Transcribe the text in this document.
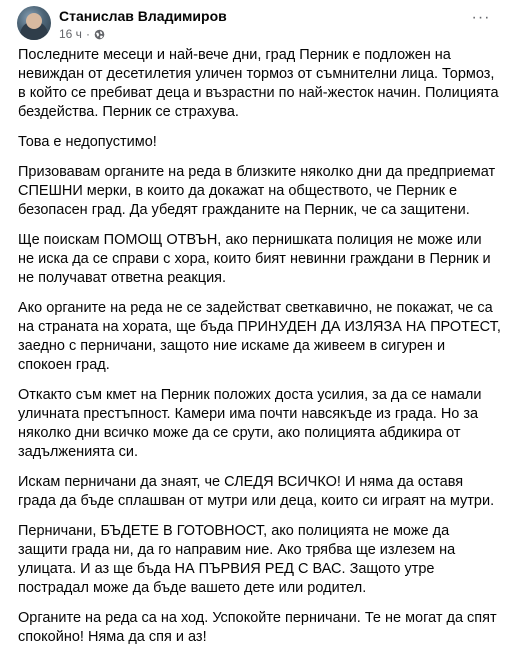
Станислав Владимиров
16 ч ·
···

Последните месеци и най-вече дни, град Перник е подложен на невиждан от десетилетия уличен тормоз от съмнителни лица. Тормоз, в който се пребиват деца и възрастни по най-жесток начин. Полицията бездейства. Перник се страхува.

Това е недопустимо!

Призовавам органите на реда в близките няколко дни да предприемат СПЕШНИ мерки, в които да докажат на обществото, че Перник е безопасен град. Да убедят гражданите на Перник, че са защитени.

Ще поискам ПОМОЩ ОТВЪН, ако пернишката полиция не може или не иска да се справи с хора, които бият невинни граждани в Перник и не получават ответна реакция.

Ако органите на реда не се задействат светкавично, не покажат, че са на страната на хората, ще бъда ПРИНУДЕН ДА ИЗЛЯЗА НА ПРОТЕСТ, заедно с перничани, защото ние искаме да живеем в сигурен и спокоен град.

Откакто съм кмет на Перник положих доста усилия, за да се намали уличната престъпност. Камери има почти навсякъде из града. Но за няколко дни всичко може да се срути, ако полицията абдикира от задълженията си.

Искам перничани да знаят, че СЛЕДЯ ВСИЧКО! И няма да оставя града да бъде сплашван от мутри или деца, които си играят на мутри.

Перничани, БЪДЕТЕ В ГОТОВНОСТ, ако полицията не може да защити града ни, да го направим ние. Ако трябва ще излезем на улицата. И аз ще бъда НА ПЪРВИЯ РЕД С ВАС. Защото утре пострадал може да бъде вашето дете или родител.

Органите на реда са на ход. Успокойте перничани. Те не могат да спят спокойно! Няма да спя и аз!
